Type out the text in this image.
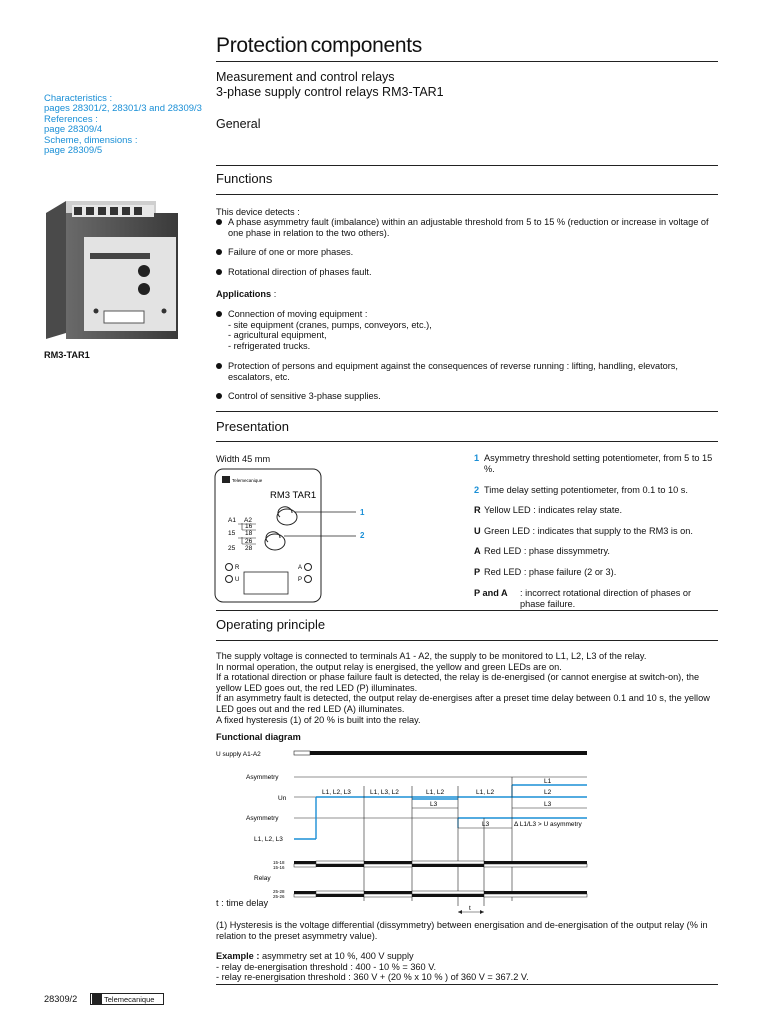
Protection components
Measurement and control relays
3-phase supply control relays RM3-TAR1
General
Characteristics :
pages 28301/2, 28301/3 and 28309/3
References :
page 28309/4
Scheme, dimensions :
page 28309/5
Functions
RM3-TAR1
This device detects :
A phase asymmetry fault (imbalance) within an adjustable threshold from 5 to 15 % (reduction or increase in voltage of one phase in relation to the two others).
Failure of one or more phases.
Rotational direction of phases fault.
Applications :
Connection of moving equipment :
- site equipment (cranes, pumps, conveyors, etc.),
- agricultural equipment,
- refrigerated trucks.
Protection of persons and equipment against the consequences of reverse running : lifting, handling, elevators, escalators, etc.
Control of sensitive 3-phase supplies.
Presentation
Width 45 mm
Telemecanique
RM3 TAR1
A1 A2
16
15 18
26
25 28
1
2
R	A
U	P
1 Asymmetry threshold setting potentiometer, from 5 to 15 %.
2 Time delay setting potentiometer, from 0.1 to 10 s.
R Yellow LED : indicates relay state.
U Green LED : indicates that supply to the RM3 is on.
A Red LED : phase dissymmetry.
P Red LED : phase failure (2 or 3).
P and A	: incorrect rotational direction of phases or phase failure.
Operating principle
The supply voltage is connected to terminals A1 - A2, the supply to be monitored to L1, L2, L3 of the relay.
In normal operation, the output relay is energised, the yellow and green LEDs are on.
If a rotational direction or phase failure fault is detected, the relay is de-energised (or cannot energise at switch-on), the yellow LED goes out, the red LED (P) illuminates.
If an asymmetry fault is detected, the output relay de-energises after a preset time delay between 0.1 and 10 s, the yellow LED goes out and the red LED (A) illuminates.
A fixed hysteresis (1) of 20 % is built into the relay.
Functional diagram
U supply A1-A2
Asymmetry
Un
L1, L2, L3	L1, L3, L2	L1, L2	L1, L2
L1
L2
L3
L3
Asymmetry
L3	Δ L1/L3 > U asymmetry
L1, L2, L3
15-18
15-16
Relay
25-28
25-26
t
t : time delay
(1) Hysteresis is the voltage differential (dissymmetry) between energisation and de-energisation of the output relay (% in relation to the preset asymmetry value).
Example : asymmetry set at 10 %, 400 V supply
- relay de-energisation threshold : 400 - 10 % = 360 V.
- relay re-energisation threshold : 360 V + (20 % x 10 % ) of 360 V = 367.2 V.
28309/2	Telemecanique
